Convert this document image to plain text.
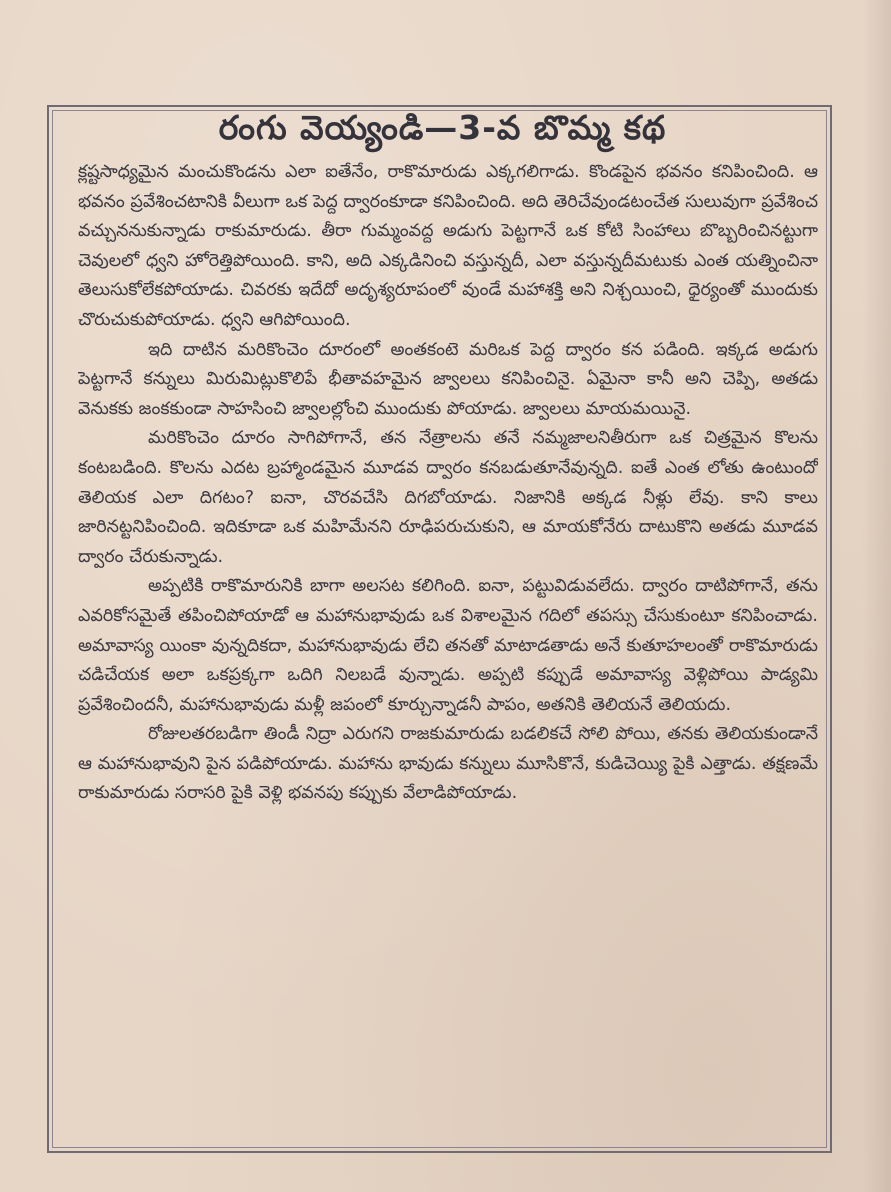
రంగు వెయ్యండి—3-వ బొమ్మ కథ

క్లష్టసాధ్యమైన మంచుకొండను ఎలా ఐతేనేం, రాకొమారుడు ఎక్కగలిగాడు. కొండపైన భవనం కనిపించింది. ఆ భవనం ప్రవేశించటానికి వీలుగా ఒక పెద్ద ద్వారంకూడా కనిపించింది. అది తెరిచేవుండటంచేత సులువుగా ప్రవేశించ వచ్చుననుకున్నాడు రాకుమారుడు. తీరా గుమ్మంవద్ద అడుగు పెట్టగానే ఒక కోటి సింహాలు బొబ్బరించినట్టుగా చెవులలో ధ్వని హోరెత్తిపోయింది. కాని, అది ఎక్కడినించి వస్తున్నదీ, ఎలా వస్తున్నదీమటుకు ఎంత యత్నించినా తెలుసుకోలేకపోయాడు. చివరకు ఇదేదో అదృశ్యరూపంలో వుండే మహాశక్తి అని నిశ్చయించి, ధైర్యంతో ముందుకు చొరుచుకుపోయాడు. ధ్వని ఆగిపోయింది.

ఇది దాటిన మరికొంచెం దూరంలో అంతకంటె మరిఒక పెద్ద ద్వారం కన పడింది. ఇక్కడ అడుగు పెట్టగానే కన్నులు మిరుమిట్లుకొలిపే భీతావహమైన జ్వాలలు కనిపించినై. ఏమైనా కానీ అని చెప్పి, అతడు వెనుకకు జంకకుండా సాహసించి జ్వాలల్లోంచి ముందుకు పోయాడు. జ్వాలలు మాయమయినై.

మరికొంచెం దూరం సాగిపోగానే, తన నేత్రాలను తనే నమ్మజాలనితీరుగా ఒక చిత్రమైన కొలను కంటబడింది. కొలను ఎదట బ్రహ్మాండమైన మూడవ ద్వారం కనబడుతూనేవున్నది. ఐతే ఎంత లోతు ఉంటుందో తెలియక ఎలా దిగటం? ఐనా, చొరవచేసి దిగబోయాడు. నిజానికి అక్కడ నీళ్లు లేవు. కాని కాలు జారినట్టనిపించింది. ఇదికూడా ఒక మహిమేనని రూఢిపరుచుకుని, ఆ మాయకోనేరు దాటుకొని అతడు మూడవ ద్వారం చేరుకున్నాడు.

అప్పటికి రాకొమారునికి బాగా అలసట కలిగింది. ఐనా, పట్టువిడువలేదు. ద్వారం దాటిపోగానే, తను ఎవరికోసమైతే తపించిపోయాడో ఆ మహానుభావుడు ఒక విశాలమైన గదిలో తపస్సు చేసుకుంటూ కనిపించాడు. అమావాస్య యింకా వున్నదికదా, మహానుభావుడు లేచి తనతో మాటాడతాడు అనే కుతూహలంతో రాకొమారుడు చడిచేయక అలా ఒకప్రక్కగా ఒదిగి నిలబడే వున్నాడు. అప్పటి కప్పుడే అమావాస్య వెళ్లిపోయి పాడ్యమి ప్రవేశించిందనీ, మహానుభావుడు మళ్లీ జపంలో కూర్చున్నాడనీ పాపం, అతనికి తెలియనే తెలియదు.

రోజులతరబడిగా తిండీ నిద్రా ఎరుగని రాజకుమారుడు బడలికచే సోలి పోయి, తనకు తెలియకుండానే ఆ మహానుభావుని పైన పడిపోయాడు. మహాను భావుడు కన్నులు మూసికొనే, కుడిచెయ్యి పైకి ఎత్తాడు. తక్షణమే రాకుమారుడు సరాసరి పైకి వెళ్లి భవనపు కప్పుకు వేలాడిపోయాడు.
